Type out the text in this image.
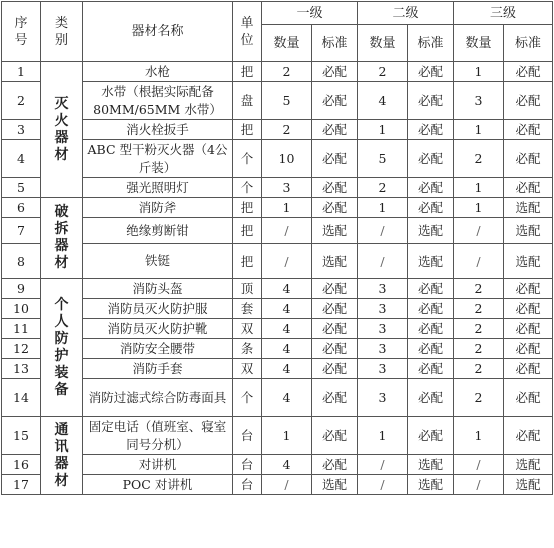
序号	类别	器材名称	单位	一级		二级		三级	
				数量	标准	数量	标准	数量	标准
1	灭火器材	水枪	把	2	必配	2	必配	1	必配
2		水带（根据实际配备80MM/65MM 水带）	盘	5	必配	4	必配	3	必配
3		消火栓扳手	把	2	必配	1	必配	1	必配
4		ABC 型干粉灭火器（4公斤装）	个	10	必配	5	必配	2	必配
5		强光照明灯	个	3	必配	2	必配	1	必配
6	破拆器材	消防斧	把	1	必配	1	必配	1	选配
7		绝缘剪断钳	把	/	选配	/	选配	/	选配
8		铁铤	把	/	选配	/	选配	/	选配
9	个人防护装备	消防头盔	顶	4	必配	3	必配	2	必配
10		消防员灭火防护服	套	4	必配	3	必配	2	必配
11		消防员灭火防护靴	双	4	必配	3	必配	2	必配
12		消防安全腰带	条	4	必配	3	必配	2	必配
13		消防手套	双	4	必配	3	必配	2	必配
14		消防过滤式综合防毒面具	个	4	必配	3	必配	2	必配
15	通讯器材	固定电话（值班室、寝室同号分机）	台	1	必配	1	必配	1	必配
16		对讲机	台	4	必配	/	选配	/	选配
17		POC 对讲机	台	/	选配	/	选配	/	选配
